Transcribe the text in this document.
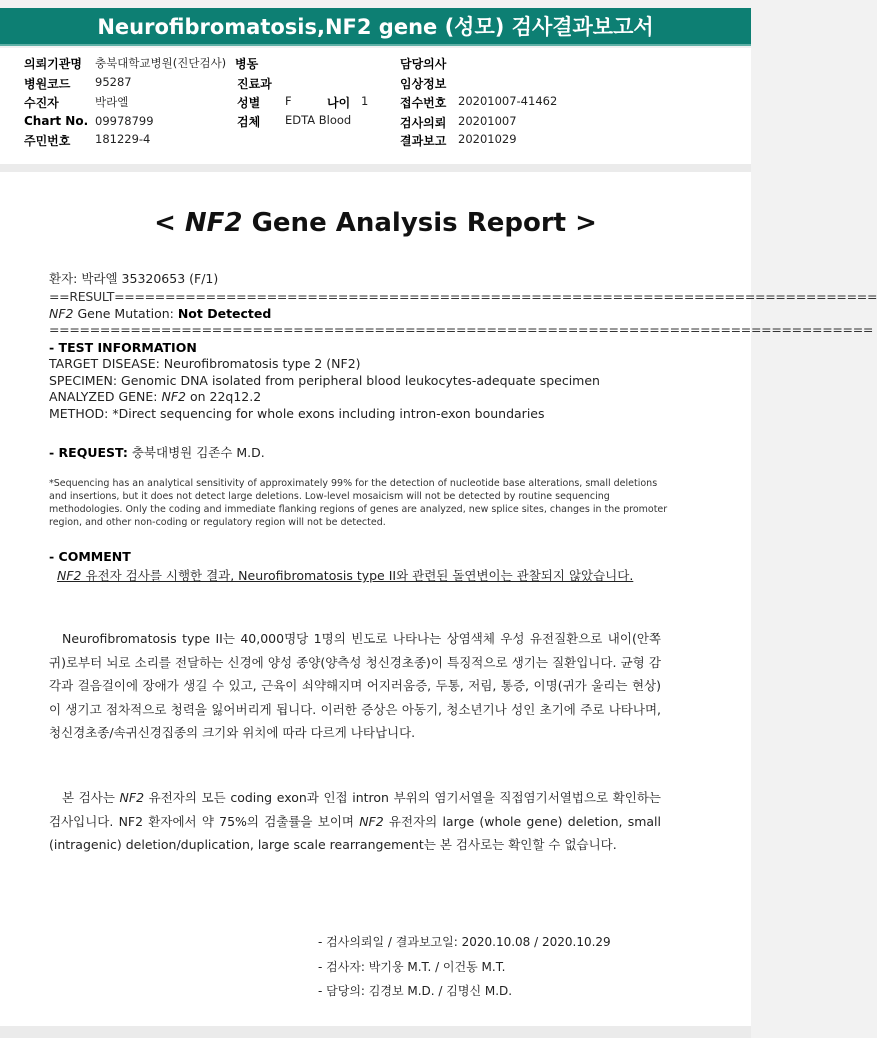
Neurofibromatosis,NF2 gene (성모) 검사결과보고서
의뢰기관명 충북대학교병원(진단검사) 병동	담당의사
병원코드 95287	진료과	임상정보
수진자	박라엘	성별 F	나이 1	접수번호 20201007-41462
Chart No. 09978799	검체 EDTA Blood	검사의뢰 20201007
주민번호 181229-4	결과보고 20201029
< NF2 Gene Analysis Report >
환자: 박라엘 35320653 (F/1)
==RESULT===========================================================================
NF2 Gene Mutation: Not Detected
=================================================================================
- TEST INFORMATION
TARGET DISEASE: Neurofibromatosis type 2 (NF2)
SPECIMEN: Genomic DNA isolated from peripheral blood leukocytes-adequate specimen
ANALYZED GENE: NF2 on 22q12.2
METHOD: *Direct sequencing for whole exons including intron-exon boundaries
- REQUEST: 충북대병원 김존수 M.D.
*Sequencing has an analytical sensitivity of approximately 99% for the detection of nucleotide base alterations, small deletions and insertions, but it does not detect large deletions. Low-level mosaicism will not be detected by routine sequencing methodologies. Only the coding and immediate flanking regions of genes are analyzed, new splice sites, changes in the promoter region, and other non-coding or regulatory region will not be detected.
- COMMENT
NF2 유전자 검사를 시행한 결과, Neurofibromatosis type II와 관련된 돌연변이는 관찰되지 않았습니다.
Neurofibromatosis type II는 40,000명당 1명의 빈도로 나타나는 상염색체 우성 유전질환으로 내이(안쪽 귀)로부터 뇌로 소리를 전달하는 신경에 양성 종양(양측성 청신경초종)이 특징적으로 생기는 질환입니다. 균형 감각과 걸음걸이에 장애가 생길 수 있고, 근육이 쇠약해지며 어지러움증, 두통, 저림, 통증, 이명(귀가 울리는 현상)이 생기고 점차적으로 청력을 잃어버리게 됩니다. 이러한 증상은 아동기, 청소년기나 성인 초기에 주로 나타나며, 청신경초종/속귀신경집종의 크기와 위치에 따라 다르게 나타납니다.
본 검사는 NF2 유전자의 모든 coding exon과 인접 intron 부위의 염기서열을 직접염기서열법으로 확인하는 검사입니다. NF2 환자에서 약 75%의 검출률을 보이며 NF2 유전자의 large (whole gene) deletion, small (intragenic) deletion/duplication, large scale rearrangement는 본 검사로는 확인할 수 없습니다.
- 검사의뢰일 / 결과보고일: 2020.10.08 / 2020.10.29
- 검사자: 박기웅 M.T. / 이건동 M.T.
- 담당의: 김경보 M.D. / 김명신 M.D.
